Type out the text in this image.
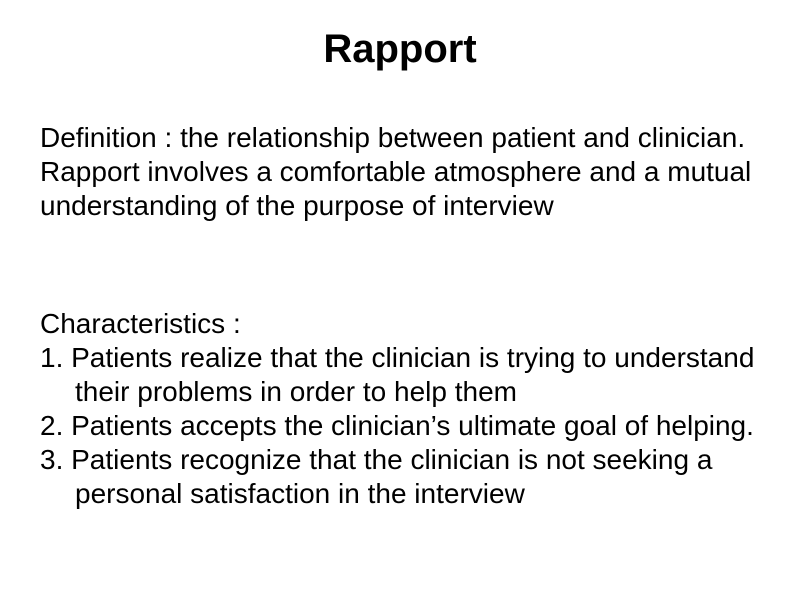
Rapport
Definition : the relationship between patient and clinician. Rapport involves a comfortable atmosphere and a mutual understanding of the purpose of interview
Characteristics :
1. Patients realize that the clinician is trying to understand their problems in order to help them
2. Patients accepts the clinician’s ultimate goal of helping.
3. Patients recognize that the clinician is not seeking a personal satisfaction in the interview
